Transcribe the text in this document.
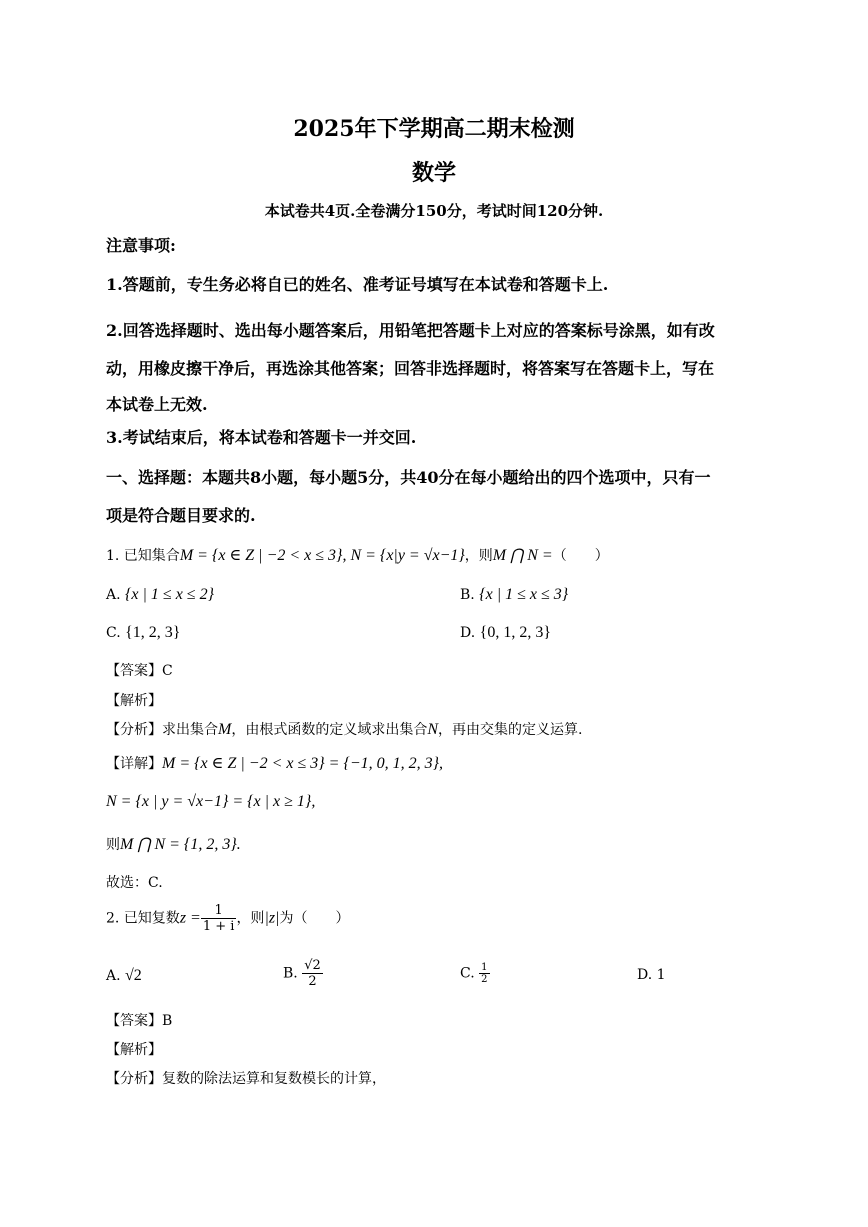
2025年下学期高二期末检测
数学
本试卷共4页.全卷满分150分，考试时间120分钟.
注意事项:
1.答题前，专生务必将自已的姓名、准考证号填写在本试卷和答题卡上.
2.回答选择题时、选出每小题答案后，用铅笔把答题卡上对应的答案标号涂黑，如有改
动，用橡皮擦干净后，再选涂其他答案；回答非选择题时，将答案写在答题卡上，写在
本试卷上无效.
3.考试结束后，将本试卷和答题卡一并交回.
一、选择题：本题共8小题，每小题5分，共40分在每小题给出的四个选项中，只有一
项是符合题目要求的.
1. 已知集合M = {x ∈ Z | −2 < x ≤ 3}, N = {x|y = √x−1}，则M ⋂ N =（　　）
A. {x | 1 ≤ x ≤ 2}	B. {x | 1 ≤ x ≤ 3}
C. {1, 2, 3}	D. {0, 1, 2, 3}
【答案】C
【解析】
【分析】求出集合M，由根式函数的定义域求出集合N，再由交集的定义运算.
【详解】M = {x ∈ Z | −2 < x ≤ 3} = {−1, 0, 1, 2, 3},
N = {x | y = √x−1} = {x | x ≥ 1},
则M ⋂ N = {1, 2, 3}.
故选：C.
2. 已知复数$z = \frac{1}{1 + i}$ ，则|z|为（　　）
A. √2	B. $\frac{√2}{2}$	C. $\frac{1}{2}$	D. 1
【答案】B
【解析】
【分析】复数的除法运算和复数模长的计算，
